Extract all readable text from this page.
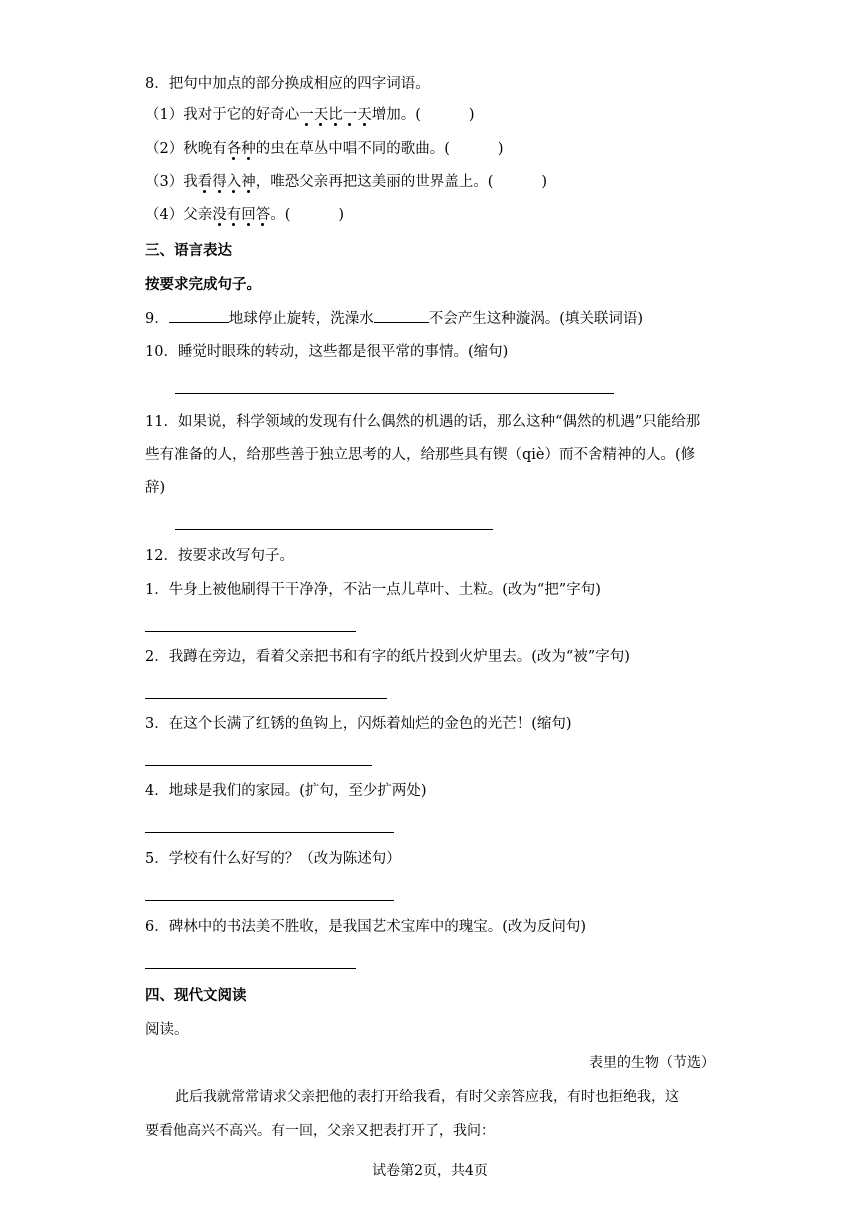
8．把句中加点的部分换成相应的四字词语。
（1）我对于它的好奇心一天比一天增加。(	)
（2）秋晚有各种的虫在草丛中唱不同的歌曲。(	)
（3）我看得入神，唯恐父亲再把这美丽的世界盖上。(	)
（4）父亲没有回答。(	)
三、语言表达
按要求完成句子。
9．	地球停止旋转，洗澡水	不会产生这种漩涡。(填关联词语)
10．睡觉时眼珠的转动，这些都是很平常的事情。(缩句)
11．如果说，科学领域的发现有什么偶然的机遇的话，那么这种“偶然的机遇”只能给那
些有准备的人，给那些善于独立思考的人，给那些具有锲（qiè）而不舍精神的人。(修
辞)
12．按要求改写句子。
1．牛身上被他刷得干干净净，不沾一点儿草叶、土粒。(改为“把”字句)
2．我蹲在旁边，看着父亲把书和有字的纸片投到火炉里去。(改为“被”字句)
3．在这个长满了红锈的鱼钩上，闪烁着灿烂的金色的光芒！(缩句)
4．地球是我们的家园。(扩句，至少扩两处)
5．学校有什么好写的？（改为陈述句）
6．碑林中的书法美不胜收，是我国艺术宝库中的瑰宝。(改为反问句)
四、现代文阅读
阅读。
表里的生物（节选）
此后我就常常请求父亲把他的表打开给我看，有时父亲答应我，有时也拒绝我，这
要看他高兴不高兴。有一回，父亲又把表打开了，我问：
试卷第2页，共4页
